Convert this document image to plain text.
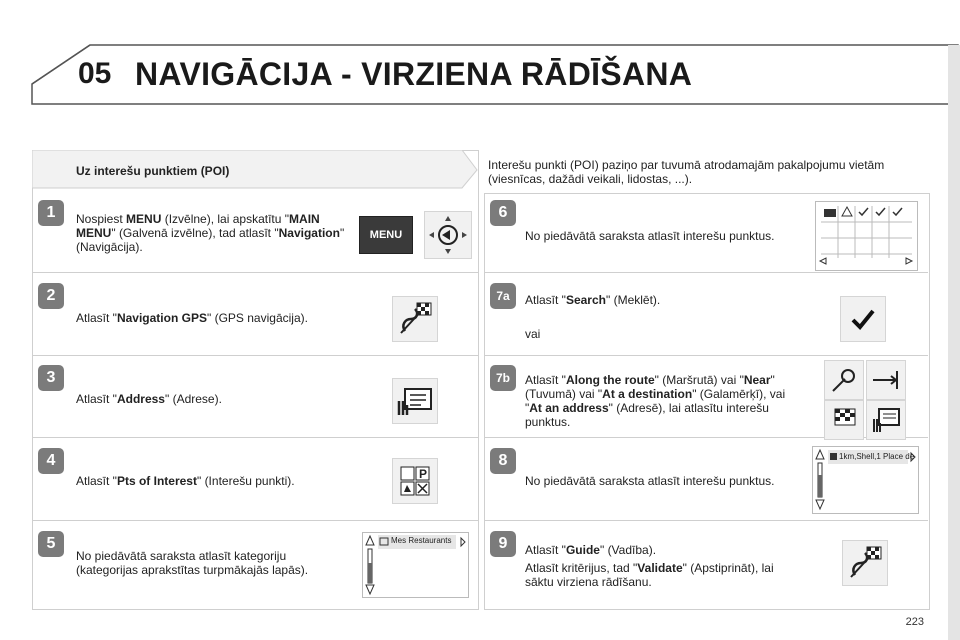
05 NAVIGĀCIJA - VIRZIENA RĀDĪŠANA
Uz interešu punktiem (POI)
1	Nospiest MENU (Izvēlne), lai apskatītu "MAIN MENU" (Galvenā izvēlne), tad atlasīt "Navigation" (Navigācija).
MENU
2
Atlasīt "Navigation GPS" (GPS navigācija).
3
Atlasīt "Address" (Adrese).
4
Atlasīt "Pts of Interest" (Interešu punkti).	P
5
No piedāvātā saraksta atlasīt kategoriju (kategorijas aprakstītas turpmākajās lapās).
Mes Restaurants
Interešu punkti (POI) paziņo par tuvumā atrodamajām pakalpojumu vietām (viesnīcas, dažādi veikali, lidostas, ...).
6
No piedāvātā saraksta atlasīt interešu punktus.
7a	Atlasīt "Search" (Meklēt).
vai
7b	Atlasīt "Along the route" (Maršrutā) vai "Near" (Tuvumā) vai "At a destination" (Galamērķī), vai "At an address" (Adresē), lai atlasītu interešu punktus.
8
No piedāvātā saraksta atlasīt interešu punktus.
1km,Shell,1 Place de
9	Atlasīt "Guide" (Vadība).
Atlasīt kritērijus, tad "Validate" (Apstiprināt), lai sāktu virziena rādīšanu.
223
